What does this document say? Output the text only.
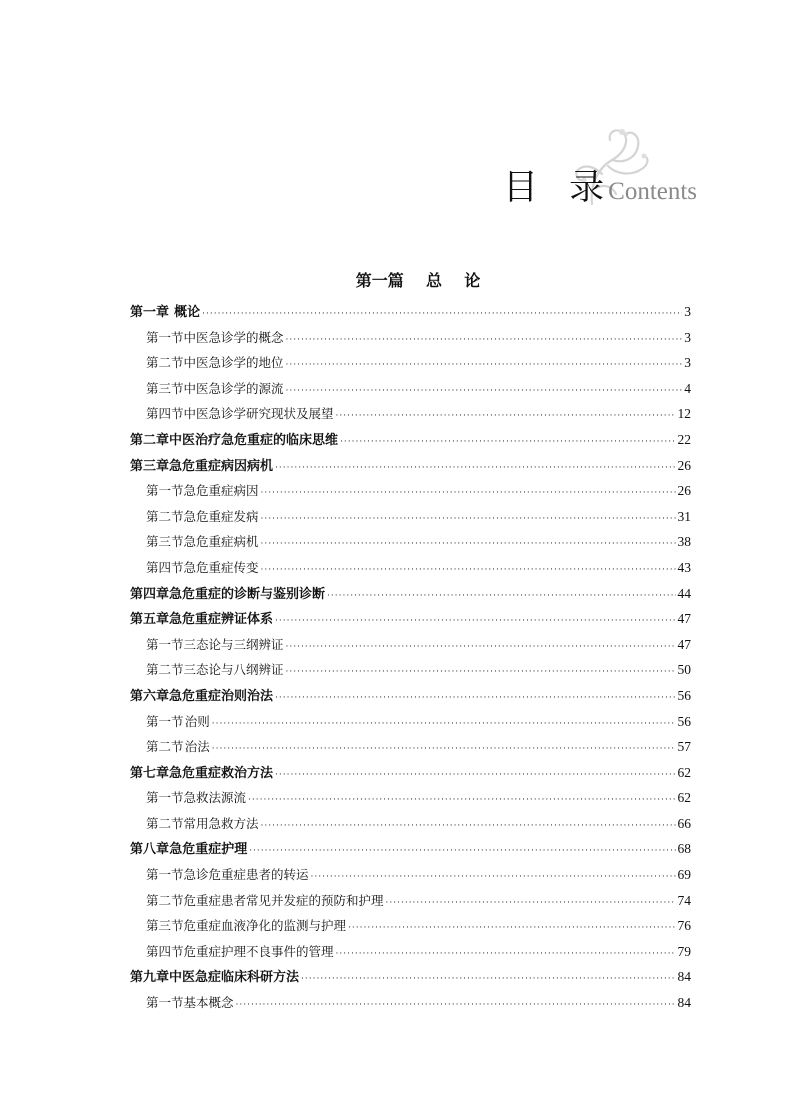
目 录Contents
第一篇    总    论
第一章 概论 ·····	3
第一节 中医急诊学的概念 ·····	3
第二节 中医急诊学的地位 ·····	3
第三节 中医急诊学的源流 ·····	4
第四节 中医急诊学研究现状及展望 ·····	12
第二章 中医治疗急危重症的临床思维 ·····	22
第三章 急危重症病因病机 ·····	26
第一节 急危重症病因 ·····	26
第二节 急危重症发病 ·····	31
第三节 急危重症病机 ·····	38
第四节 急危重症传变 ·····	43
第四章 急危重症的诊断与鉴别诊断 ·····	44
第五章 急危重症辨证体系 ·····	47
第一节 三态论与三纲辨证 ·····	47
第二节 三态论与八纲辨证 ·····	50
第六章 急危重症治则治法 ·····	56
第一节 治则 ·····	56
第二节 治法 ·····	57
第七章 急危重症救治方法 ·····	62
第一节 急救法源流 ·····	62
第二节 常用急救方法 ·····	66
第八章 急危重症护理 ·····	68
第一节 急诊危重症患者的转运 ·····	69
第二节 危重症患者常见并发症的预防和护理 ·····	74
第三节 危重症血液净化的监测与护理 ·····	76
第四节 危重症护理不良事件的管理 ·····	79
第九章 中医急症临床科研方法 ·····	84
第一节 基本概念 ·····	84
